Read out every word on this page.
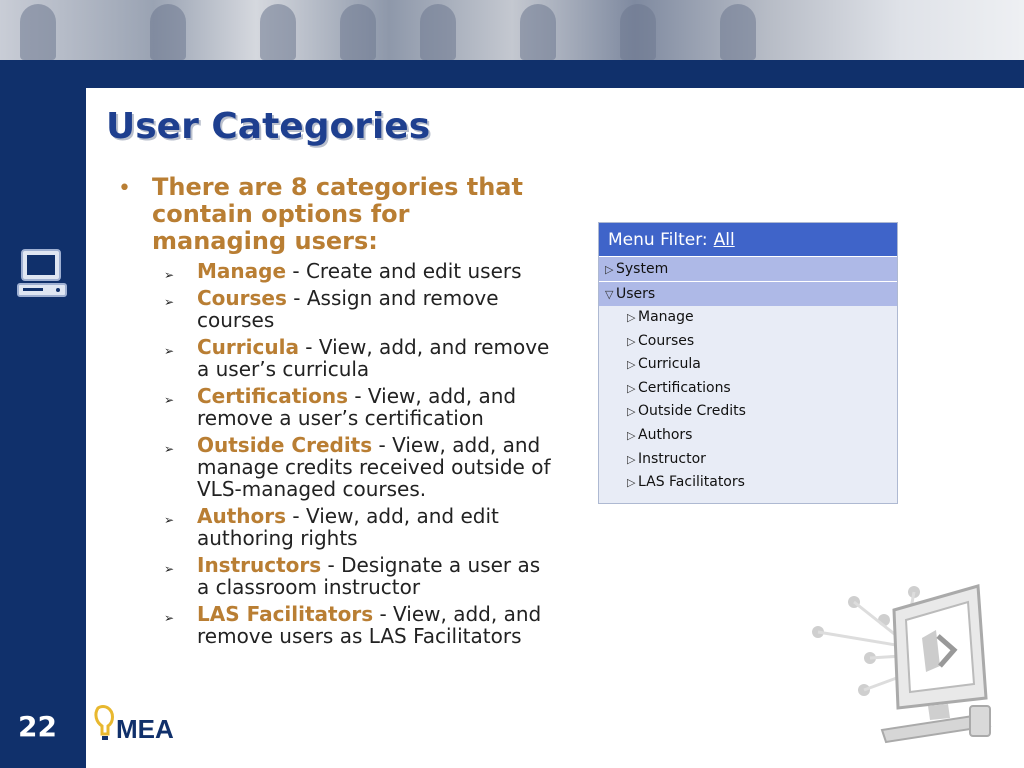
User Categories
22
• There are 8 categories that contain options for managing users:
➢ Manage - Create and edit users
➢ Courses - Assign and remove courses
➢ Curricula - View, add, and remove a user’s curricula
➢ Certifications - View, add, and remove a user’s certification
➢ Outside Credits - View, add, and manage credits received outside of VLS-managed courses.
➢ Authors - View, add, and edit authoring rights
➢ Instructors - Designate a user as a classroom instructor
➢ LAS Facilitators - View, add, and remove users as LAS Facilitators
Menu Filter: All
▷ System
▽ Users
▷ Manage
▷ Courses
▷ Curricula
▷ Certifications
▷ Outside Credits
▷ Authors
▷ Instructor
▷ LAS Facilitators
MEA
